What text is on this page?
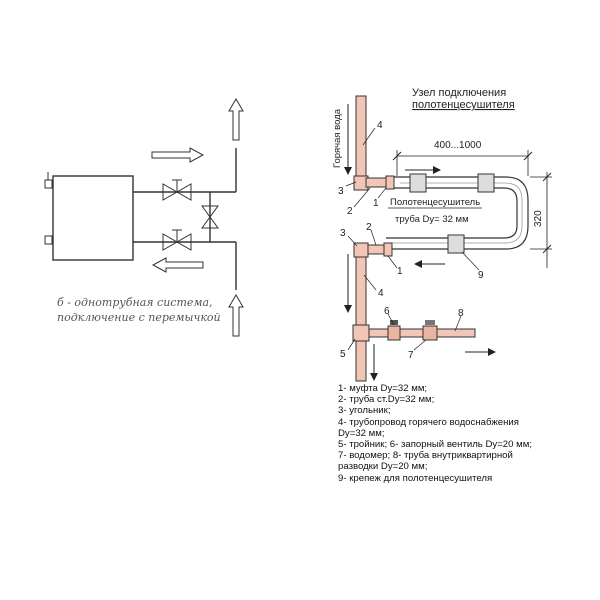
б - однотрубная система,
подключение с перемычкой
Узел подключения
полотенцесушителя
Горячая вода	400...1000
320
Полотенцесушитель
труба Dy= 32 мм
4
3
2
1
3
2
1	9
4
6	8
5	7
1- муфта Dy=32 мм;
2- труба ст.Dy=32 мм;
3- угольник;
4- трубопровод горячего водоснабжения
Dy=32 мм;
5- тройник; 6- запорный вентиль Dy=20 мм;
7- водомер; 8- труба внутриквартирной
разводки Dy=20 мм;
9- крепеж для полотенцесушителя
